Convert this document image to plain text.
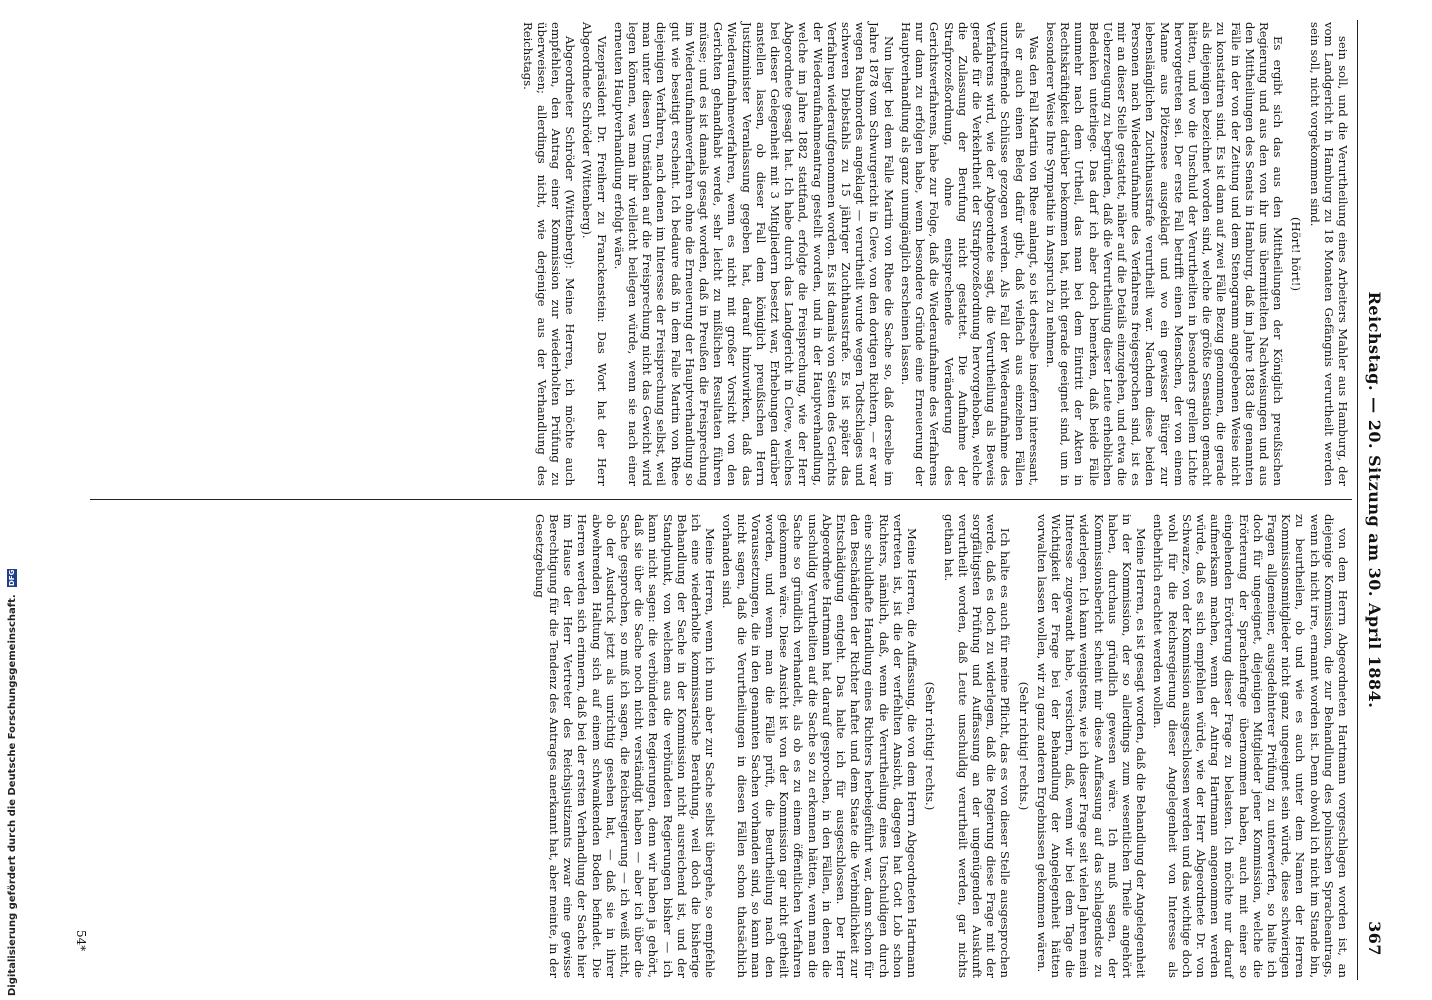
Reichstag. — 20. Sitzung am 30. April 1884.
367

sein soll, und die Verurtheilung eines Arbeiters Mahler aus Hamburg, der vom Landgericht in Hamburg zu 18 Monaten Gefängnis verurtheilt werden sein soll, nicht vorgekommen sind.

(Hört! hört!)

Es ergibt sich das aus den Mittheilungen der Königlich preußischen Regierung und aus den von ihr uns übermittelten Nachweisungen und aus den Mittheilungen des Senats in Hamburg, daß im Jahre 1883 die genannten Fälle in der von der Zeitung und dem Stenogramm angegebenen Weise nicht zu konstatiren sind. Es ist dann auf zwei Fälle Bezug genommen, die gerade als diejenigen bezeichnet worden sind, welche die größte Sensation gemacht hätten, und wo die Unschuld der Verurtheilten in besonders grellem Lichte hervorgetreten sei. Der erste Fall betrifft einen Menschen, der von einem Manne aus Plötzensee ausgeklagt und wo ein gewisser Bürger zur lebenslänglichen Zuchthausstrafe verurtheilt war. Nachdem diese beiden Personen nach Wiederaufnahme des Verfahrens freigesprochen sind, ist es mir an dieser Stelle gestattet, näher auf die Details einzugehen, und etwa die Ueberzeugung zu begründen, daß die Verurtheilung dieser Leute erheblichen Bedenken unterliege. Das darf ich aber doch bemerken, daß beide Fälle nunmehr nach dem Urtheil, das man bei dem Eintritt der Akten in Rechtskräftigkeit darüber bekommen hat, nicht gerade geeignet sind, um in besonderer Weise Ihre Sympathie in Anspruch zu nehmen.

Was den Fall Martin von Rhee anlangt, so ist derselbe insofern interessant, als er auch einen Beleg dafür gibt, daß vielfach aus einzelnen Fällen unzutreffende Schlüsse gezogen werden. Als Fall der Wiederaufnahme des Verfahrens wird, wie der Abgeordnete sagt, die Verurtheilung als Beweis gerade für die Verkehrtheit der Strafprozeßordnung hervorgehoben, welche die Zulassung der Berufung nicht gestattet. Die Aufnahme der Strafprozeßordnung, ohne entsprechende Veränderung des Gerichtsverfahrens, habe zur Folge, daß die Wiederaufnahme des Verfahrens nur dann zu erfolgen habe, wenn besondere Gründe eine Erneuerung der Hauptverhandlung als ganz unumgänglich erscheinen lassen.

Nun liegt bei dem Falle Martin von Rhee die Sache so, daß derselbe im Jahre 1878 vom Schwurgericht in Cleve, von den dortigen Richtern, — er war wegen Raubmordes angeklagt — verurtheilt wurde wegen Todtschlages und schweren Diebstahls zu 15 jähriger Zuchthausstrafe. Es ist später das Verfahren wiederaufgenommen worden. Es ist damals von Seiten des Gerichts der Wiederaufnahmeantrag gestellt worden, und in der Hauptverhandlung, welche im Jahre 1882 stattfand, erfolgte die Freisprechung, wie der Herr Abgeordnete gesagt hat. Ich habe durch das Landgericht in Cleve, welches bei dieser Gelegenheit mit 3 Mitgliedern besetzt war, Erhebungen darüber anstellen lassen, ob dieser Fall dem königlich preußischen Herrn Justizminister Veranlassung gegeben hat, darauf hinzuwirken, daß das Wiederaufnahmeverfahren, wenn es nicht mit großer Vorsicht von den Gerichten gehandhabt werde, sehr leicht zu mißlichen Resultaten führen müsse; und es ist damals gesagt worden, daß in Preußen die Freisprechung im Wiederaufnahmeverfahren ohne die Erneuerung der Hauptverhandlung so gut wie beseitigt erscheint. Ich bedaure daß in dem Falle Martin von Rhee diejenigen Verfahren, nach denen im Interesse der Freisprechung selbst, weil man unter diesen Umständen auf die Freisprechung nicht das Gewicht wird legen können, was man ihr vielleicht beilegen würde, wenn sie nach einer erneuten Hauptverhandlung erfolgt wäre.

Vizepräsident Dr. Freiherr zu Franckenstein: Das Wort hat der Herr Abgeordnete Schröder (Wittenberg).

Abgeordneter Schröder (Wittenberg): Meine Herren, ich möchte auch empfehlen, den Antrag einer Kommission zur wiederholten Prüfung zu überweisen; allerdings nicht, wie derjenige aus der Verhandlung des Reichstags.

von dem Herrn Abgeordneten Hartmann vorgeschlagen worden ist, an diejenige Kommission, die zur Behandlung des polnischen Spracheantrags, wenn ich nicht irre, ernannt worden ist. Denn obwohl ich nicht im Stande bin, zu beurtheilen, ob und wie es auch unter dem Namen der Herren Kommissionsmitglieder nicht ganz ungeeignet sein würde, diese schwierigen Fragen allgemeiner, ausgedehnterer Prüfung zu unterwerfen, so halte ich doch für ungeeignet, diejenigen Mitglieder jener Kommission, welche die Erörterung der Sprachenfrage übernommen haben, auch mit einer so eingehenden Erörterung dieser Frage zu belasten. Ich möchte nur darauf aufmerksam machen, wenn der Antrag Hartmann angenommen werden würde, daß es sich empfehlen würde, wie der Herr Abgeordnete Dr. von Schwarze, von der Kommission ausgeschlossen werden und das wichtige doch wohl für die Reichsregierung dieser Angelegenheit von Interesse als entbehrlich erachtet werden wollen.

Meine Herren, es ist gesagt worden, daß die Behandlung der Angelegenheit in der Kommission, der so allerdings zum wesentlichen Theile angehört haben, durchaus gründlich gewesen wäre. Ich muß sagen, der Kommissionsbericht scheint mir diese Auffassung auf das schlagendste zu widerlegen. Ich kann wenigstens, wie ich dieser Frage seit vielen Jahren mein Interesse zugewandt habe, versichern, daß, wenn wir bei dem Tage die Wichtigkeit der Frage bei der Behandlung der Angelegenheit hätten vorwalten lassen wollen, wir zu ganz anderen Ergebnissen gekommen wären.

(Sehr richtig! rechts.)

Ich halte es auch für meine Pflicht, das es von dieser Stelle ausgesprochen werde, daß es doch zu widerlegen, daß die Regierung diese Frage mit der sorgfältigsten Prüfung und Auffassung an der ungenügenden Auskunft verurtheilt worden, daß Leute unschuldig verurtheilt werden, gar nichts gethan hat.

(Sehr richtig! rechts.)

Meine Herren, die Auffassung, die von dem Herrn Abgeordneten Hartmann vertreten ist, ist die der verfehlten Ansicht, dagegen hat Gott Lob schon Richters, nämlich, daß, wenn die Verurtheilung eines Unschuldigen durch eine schuldhafte Handlung eines Richters herbeigeführt war, dann schon für den Beschädigten der Richter haftet und dem Staate die Verbindlichkeit zur Entschädigung entgeht. Das halte ich für ausgeschlossen. Der Herr Abgeordnete Hartmann hat darauf gesprochen, in den Fällen, in denen die unschuldig Verurtheilten auf die Sache so zu erkennen hätten, wenn man die Sache so gründlich verhandelt, als ob es zu einem öffentlichen Verfahren gekommen wäre. Diese Ansicht ist von der Kommission gar nicht getheilt worden, und wenn man die Fälle prüft, die Beurtheilung nach den Voraussetzungen, die in den genannten Sachen vorhanden sind, so kann man nicht sagen, daß die Verurtheilungen in diesen Fällen schon thatsächlich vorhanden sind.

Meine Herren, wenn ich nun aber zur Sache selbst übergehe, so empfehle ich eine wiederholte kommissarische Berathung, weil doch die bisherige Behandlung der Sache in der Kommission nicht ausreichend ist, und der Standpunkt, von welchem aus die verbündeten Regierungen bisher — ich kann nicht sagen: die verbündeten Regierungen, denn wir haben ja gehört, daß sie über die Sache noch nicht verständigt haben — aber ich über die Sache gesprochen, so muß ich sagen, die Reichsregierung — ich weiß nicht, ob der Ausdruck jetzt als unrichtig gesehen hat, — daß sie in ihrer abwehrenden Haltung sich auf einem schwankenden Boden befindet. Die Herren werden sich erinnern, daß bei der ersten Verhandlung der Sache hier im Hause der Herr Vertreter des Reichsjustizamts zwar eine gewisse Berechtigung für die Tendenz des Antrages anerkannt hat, aber meinte, in der Gesetzgebung

54*
Digitalisierung gefördert durch die Deutsche Forschungsgemeinschaft. DFG
